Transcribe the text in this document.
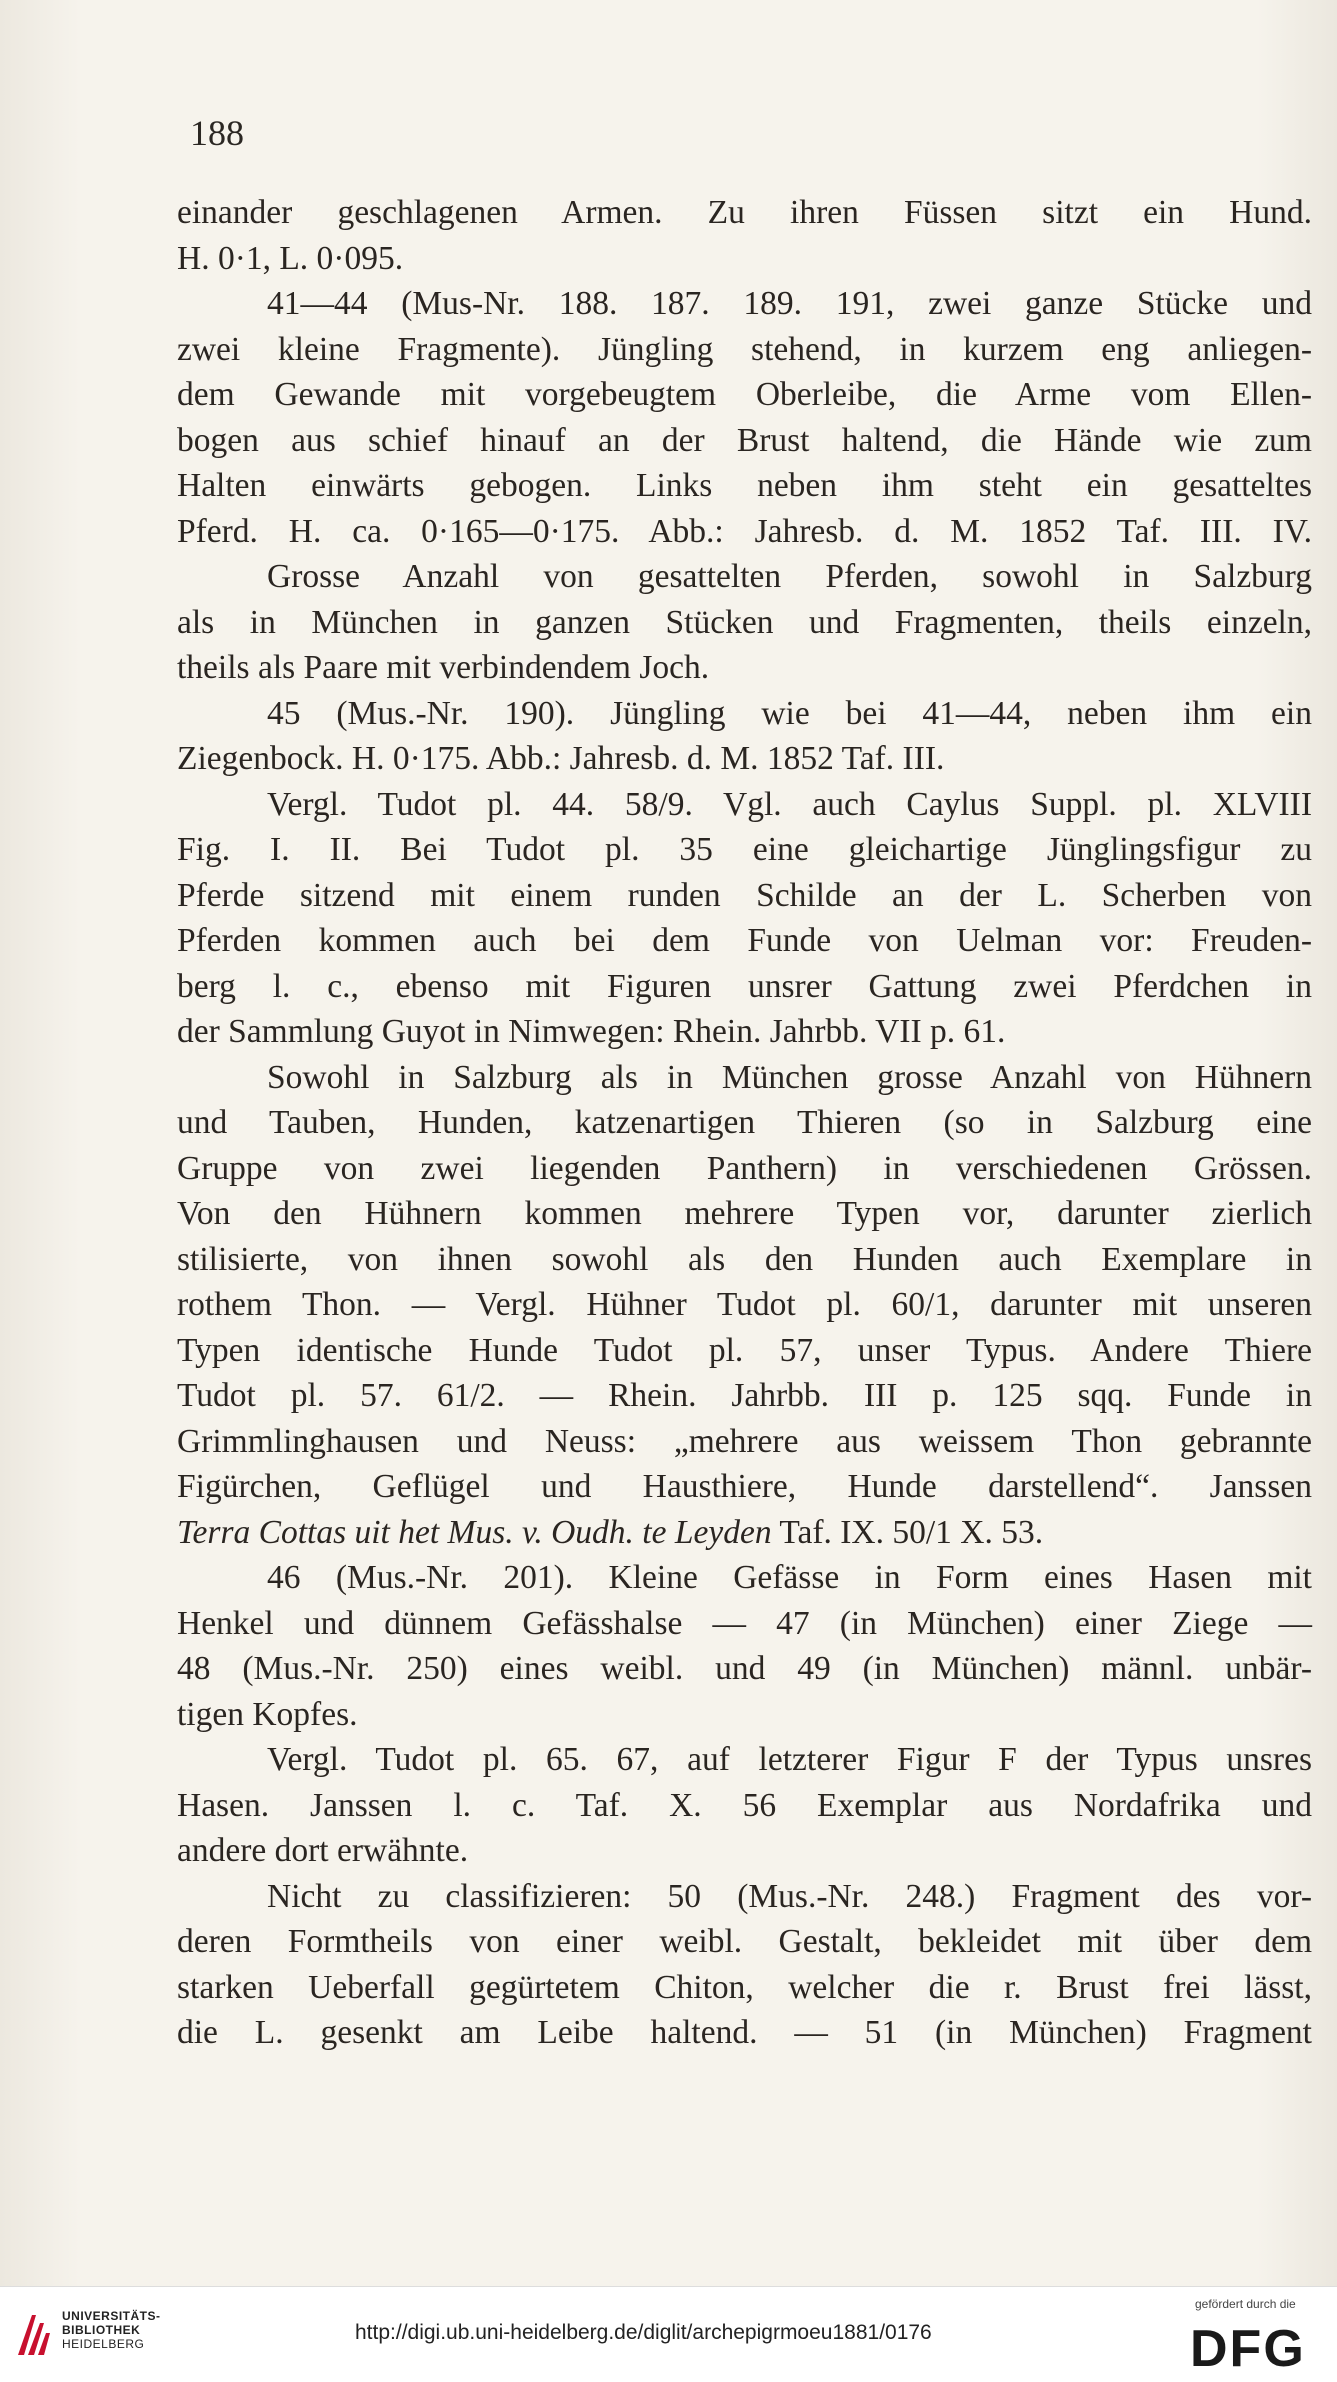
188
einander geschlagenen Armen. Zu ihren Füssen sitzt ein Hund.
H. 0·1, L. 0·095.
41—44 (Mus-Nr. 188. 187. 189. 191, zwei ganze Stücke und
zwei kleine Fragmente). Jüngling stehend, in kurzem eng anliegen-
dem Gewande mit vorgebeugtem Oberleibe, die Arme vom Ellen-
bogen aus schief hinauf an der Brust haltend, die Hände wie zum
Halten einwärts gebogen. Links neben ihm steht ein gesatteltes
Pferd. H. ca. 0·165—0·175. Abb.: Jahresb. d. M. 1852 Taf. III. IV.
Grosse Anzahl von gesattelten Pferden, sowohl in Salzburg
als in München in ganzen Stücken und Fragmenten, theils einzeln,
theils als Paare mit verbindendem Joch.
45 (Mus.-Nr. 190). Jüngling wie bei 41—44, neben ihm ein
Ziegenbock. H. 0·175. Abb.: Jahresb. d. M. 1852 Taf. III.
Vergl. Tudot pl. 44. 58/9. Vgl. auch Caylus Suppl. pl. XLVIII
Fig. I. II. Bei Tudot pl. 35 eine gleichartige Jünglingsfigur zu
Pferde sitzend mit einem runden Schilde an der L. Scherben von
Pferden kommen auch bei dem Funde von Uelman vor: Freuden-
berg l. c., ebenso mit Figuren unsrer Gattung zwei Pferdchen in
der Sammlung Guyot in Nimwegen: Rhein. Jahrbb. VII p. 61.
Sowohl in Salzburg als in München grosse Anzahl von Hühnern
und Tauben, Hunden, katzenartigen Thieren (so in Salzburg eine
Gruppe von zwei liegenden Panthern) in verschiedenen Grössen.
Von den Hühnern kommen mehrere Typen vor, darunter zierlich
stilisierte, von ihnen sowohl als den Hunden auch Exemplare in
rothem Thon. — Vergl. Hühner Tudot pl. 60/1, darunter mit unseren
Typen identische Hunde Tudot pl. 57, unser Typus. Andere Thiere
Tudot pl. 57. 61/2. — Rhein. Jahrbb. III p. 125 sqq. Funde in
Grimmlinghausen und Neuss: „mehrere aus weissem Thon gebrannte
Figürchen, Geflügel und Hausthiere, Hunde darstellend“. Janssen
Terra Cottas uit het Mus. v. Oudh. te Leyden Taf. IX. 50/1 X. 53.
46 (Mus.-Nr. 201). Kleine Gefässe in Form eines Hasen mit
Henkel und dünnem Gefässhalse — 47 (in München) einer Ziege —
48 (Mus.-Nr. 250) eines weibl. und 49 (in München) männl. unbär-
tigen Kopfes.
Vergl. Tudot pl. 65. 67, auf letzterer Figur F der Typus unsres
Hasen. Janssen l. c. Taf. X. 56 Exemplar aus Nordafrika und
andere dort erwähnte.
Nicht zu classifizieren: 50 (Mus.-Nr. 248.) Fragment des vor-
deren Formtheils von einer weibl. Gestalt, bekleidet mit über dem
starken Ueberfall gegürtetem Chiton, welcher die r. Brust frei lässt,
die L. gesenkt am Leibe haltend. — 51 (in München) Fragment
UNIVERSITÄTS-
BIBLIOTHEK
HEIDELBERG	http://digi.ub.uni-heidelberg.de/diglit/archepigrmoeu1881/0176
gefördert durch die
DFG
